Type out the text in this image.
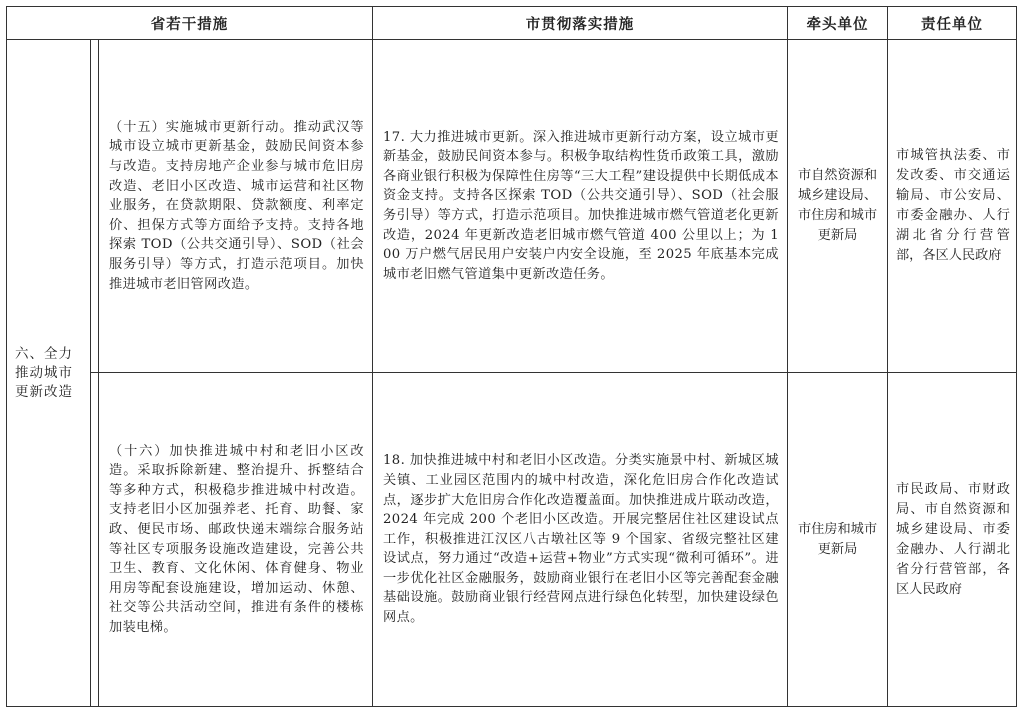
省若干措施		市贯彻落实措施	牵头单位	责任单位
六、全力推动城市更新改造	（十五）实施城市更新行动。推动武汉等城市设立城市更新基金，鼓励民间资本参与改造。支持房地产企业参与城市危旧房改造、老旧小区改造、城市运营和社区物业服务，在贷款期限、贷款额度、利率定价、担保方式等方面给予支持。支持各地探索 TOD（公共交通引导）、SOD（社会服务引导）等方式，打造示范项目。加快推进城市老旧管网改造。	17. 大力推进城市更新。深入推进城市更新行动方案，设立城市更新基金，鼓励民间资本参与。积极争取结构性货币政策工具，激励各商业银行积极为保障性住房等“三大工程”建设提供中长期低成本资金支持。支持各区探索 TOD（公共交通引导）、SOD（社会服务引导）等方式，打造示范项目。加快推进城市燃气管道老化更新改造，2024 年更新改造老旧城市燃气管道 400 公里以上；为 100 万户燃气居民用户安装户内安全设施，至 2025 年底基本完成城市老旧燃气管道集中更新改造任务。	市自然资源和城乡建设局、市住房和城市更新局	市城管执法委、市发改委、市交通运输局、市公安局、市委金融办、人行湖北省分行营管部，各区人民政府

	（十六）加快推进城中村和老旧小区改造。采取拆除新建、整治提升、拆整结合等多种方式，积极稳步推进城中村改造。支持老旧小区加强养老、托育、助餐、家政、便民市场、邮政快递末端综合服务站等社区专项服务设施改造建设，完善公共卫生、教育、文化休闲、体育健身、物业用房等配套设施建设，增加运动、休憩、社交等公共活动空间，推进有条件的楼栋加装电梯。	18. 加快推进城中村和老旧小区改造。分类实施景中村、新城区城关镇、工业园区范围内的城中村改造，深化危旧房合作化改造试点，逐步扩大危旧房合作化改造覆盖面。加快推进成片联动改造，2024 年完成 200 个老旧小区改造。开展完整居住社区建设试点工作，积极推进江汉区八古墩社区等 9 个国家、省级完整社区建设试点，努力通过“改造+运营+物业”方式实现“微利可循环”。进一步优化社区金融服务，鼓励商业银行在老旧小区等完善配套金融基础设施。鼓励商业银行经营网点进行绿色化转型，加快建设绿色网点。	市住房和城市更新局	市民政局、市财政局、市自然资源和城乡建设局、市委金融办、人行湖北省分行营管部，各区人民政府
